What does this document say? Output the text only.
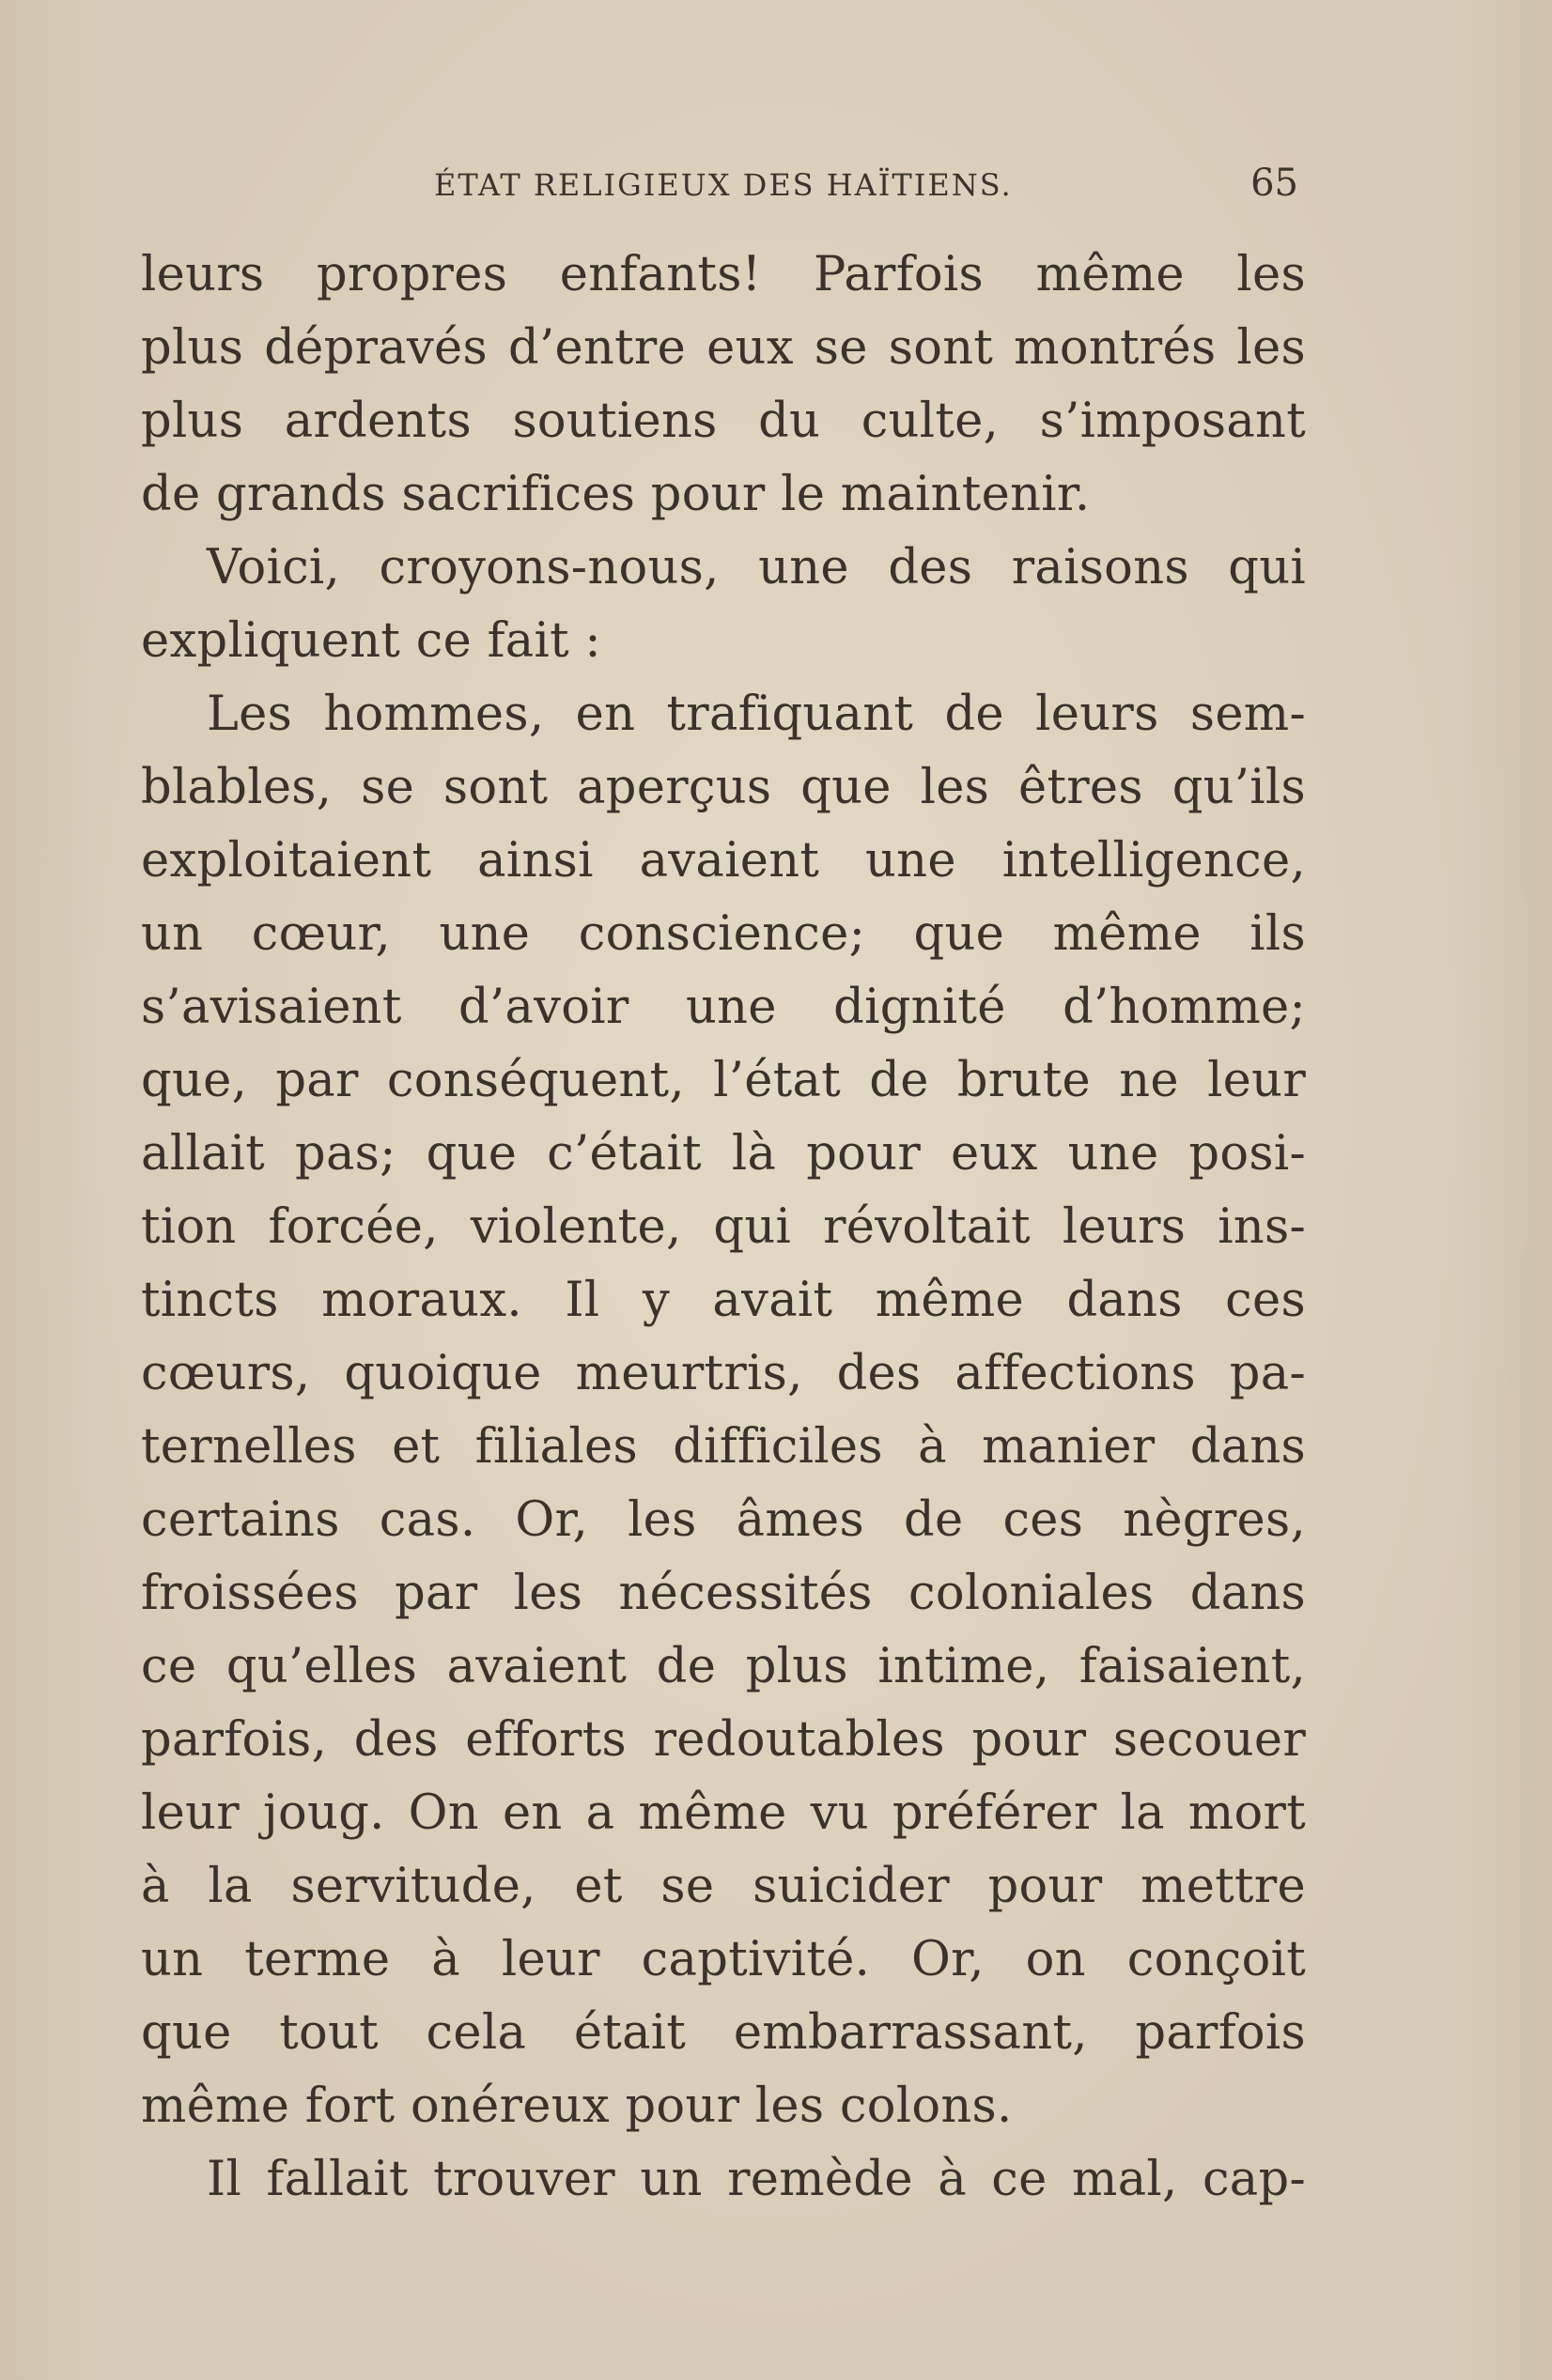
ÉTAT RELIGIEUX DES HAÏTIENS.	65
leurs propres enfants! Parfois même les
plus dépravés d’entre eux se sont montrés les
plus ardents soutiens du culte, s’imposant
de grands sacrifices pour le maintenir.
Voici, croyons-nous, une des raisons qui
expliquent ce fait :
Les hommes, en trafiquant de leurs sem-
blables, se sont aperçus que les êtres qu’ils
exploitaient ainsi avaient une intelligence,
un cœur, une conscience; que même ils
s’avisaient d’avoir une dignité d’homme;
que, par conséquent, l’état de brute ne leur
allait pas; que c’était là pour eux une posi-
tion forcée, violente, qui révoltait leurs ins-
tincts moraux. Il y avait même dans ces
cœurs, quoique meurtris, des affections pa-
ternelles et filiales difficiles à manier dans
certains cas. Or, les âmes de ces nègres,
froissées par les nécessités coloniales dans
ce qu’elles avaient de plus intime, faisaient,
parfois, des efforts redoutables pour secouer
leur joug. On en a même vu préférer la mort
à la servitude, et se suicider pour mettre
un terme à leur captivité. Or, on conçoit
que tout cela était embarrassant, parfois
même fort onéreux pour les colons.
Il fallait trouver un remède à ce mal, cap-
